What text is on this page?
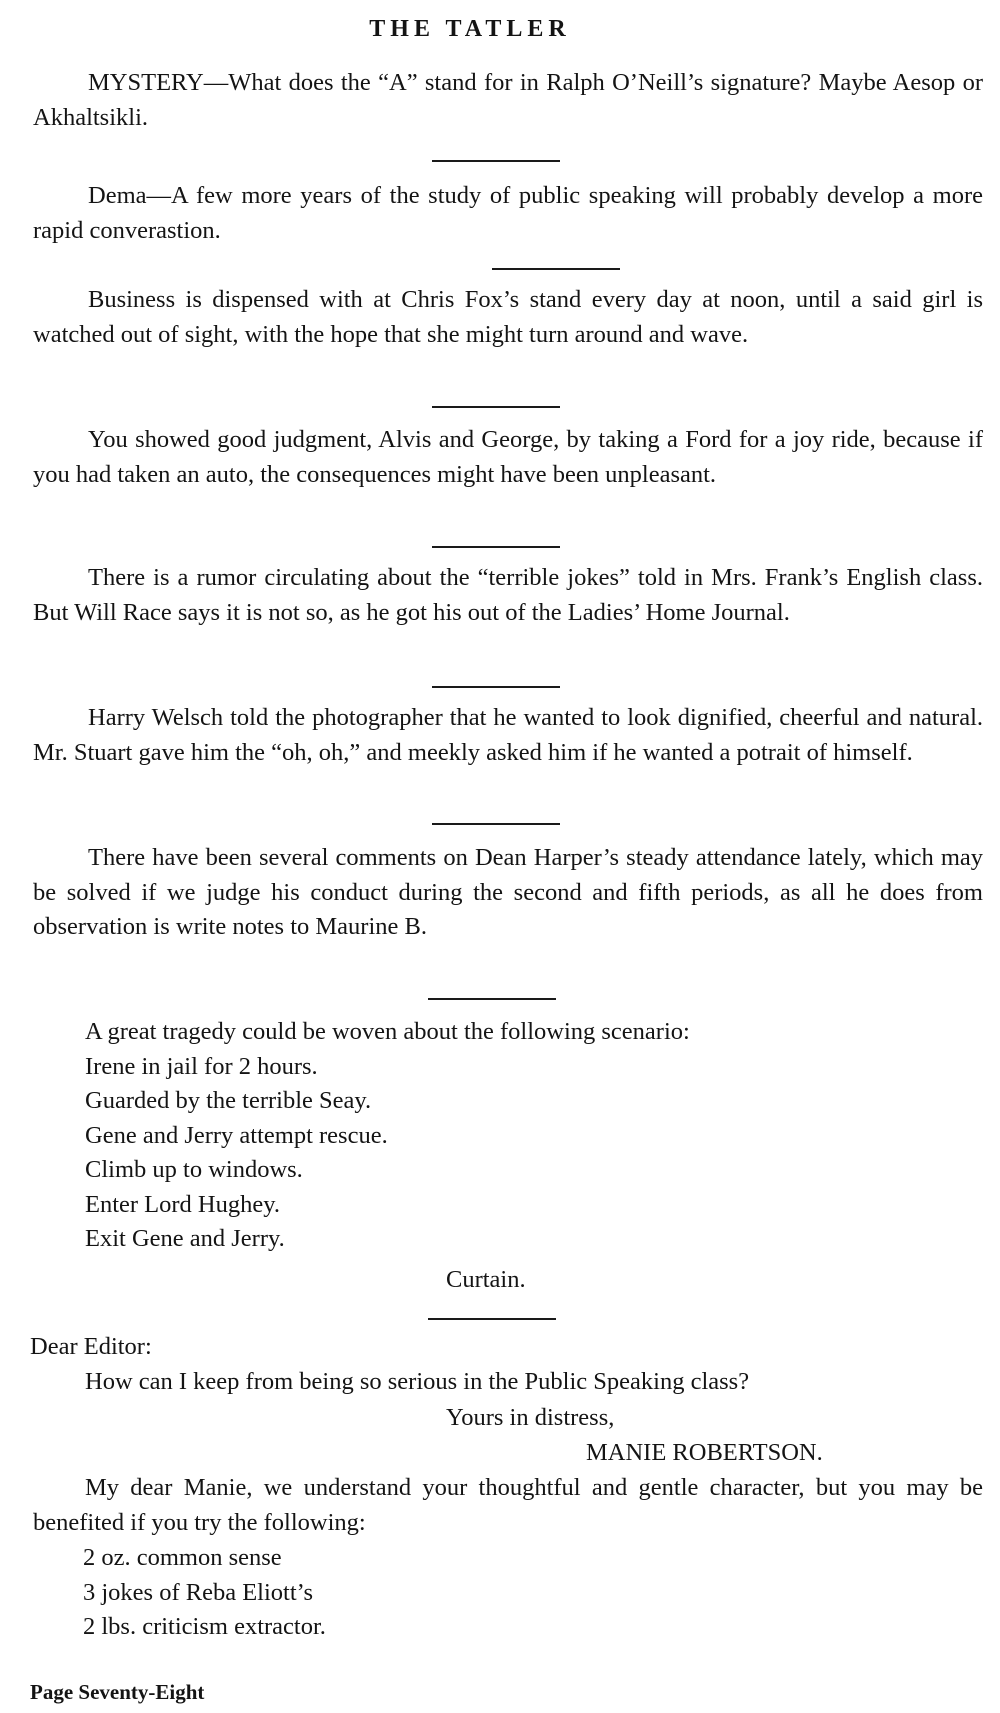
THE TATLER

MYSTERY—What does the “A” stand for in Ralph O’Neill’s signature? Maybe Aesop or Akhaltsikli.

Dema—A few more years of the study of public speaking will probably develop a more rapid converastion.

Business is dispensed with at Chris Fox’s stand every day at noon, until a said girl is watched out of sight, with the hope that she might turn around and wave.

You showed good judgment, Alvis and George, by taking a Ford for a joy ride, because if you had taken an auto, the consequences might have been unpleasant.

There is a rumor circulating about the “terrible jokes” told in Mrs. Frank’s English class. But Will Race says it is not so, as he got his out of the Ladies’ Home Journal.

Harry Welsch told the photographer that he wanted to look dignified, cheerful and natural. Mr. Stuart gave him the “oh, oh,” and meekly asked him if he wanted a potrait of himself.

There have been several comments on Dean Harper’s steady attendance lately, which may be solved if we judge his conduct during the second and fifth periods, as all he does from observation is write notes to Maurine B.

A great tragedy could be woven about the following scenario:
Irene in jail for 2 hours.
Guarded by the terrible Seay.
Gene and Jerry attempt rescue.
Climb up to windows.
Enter Lord Hughey.
Exit Gene and Jerry.
Curtain.
Dear Editor:
How can I keep from being so serious in the Public Speaking class?
Yours in distress,
MANIE ROBERTSON.

My dear Manie, we understand your thoughtful and gentle character, but you may be benefited if you try the following:

2 oz. common sense
3 jokes of Reba Eliott’s
2 lbs. criticism extractor.
Page Seventy-Eight
